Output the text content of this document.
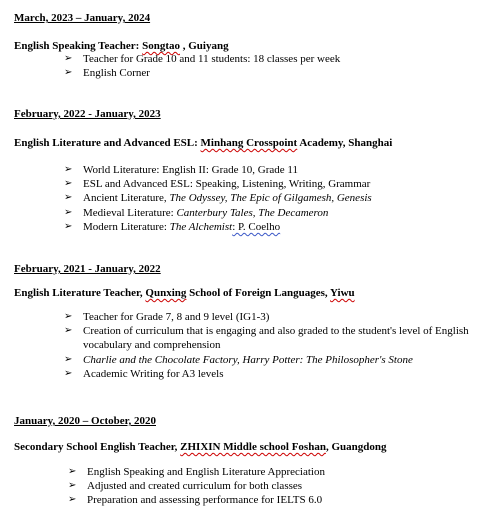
March, 2023 – January, 2024
English Speaking Teacher: Songtao , Guiyang
➢ Teacher for Grade 10 and 11 students: 18 classes per week
➢ English Corner
February, 2022 - January, 2023
English Literature and Advanced ESL: Minhang Crosspoint Academy, Shanghai
➢ World Literature: English II: Grade 10, Grade 11
➢ ESL and Advanced ESL: Speaking, Listening, Writing, Grammar
➢ Ancient Literature, The Odyssey, The Epic of Gilgamesh, Genesis
➢ Medieval Literature: Canterbury Tales, The Decameron
➢ Modern Literature: The Alchemist: P. Coelho
February, 2021 - January, 2022
English Literature Teacher, Qunxing School of Foreign Languages, Yiwu
➢ Teacher for Grade 7, 8 and 9 level (IG1-3)
➢ Creation of curriculum that is engaging and also graded to the student's level of English vocabulary and comprehension
➢ Charlie and the Chocolate Factory, Harry Potter: The Philosopher's Stone
➢ Academic Writing for A3 levels
January, 2020 – October, 2020
Secondary School English Teacher, ZHIXIN Middle school Foshan, Guangdong
➢ English Speaking and English Literature Appreciation
➢ Adjusted and created curriculum for both classes
➢ Preparation and assessing performance for IELTS 6.0
